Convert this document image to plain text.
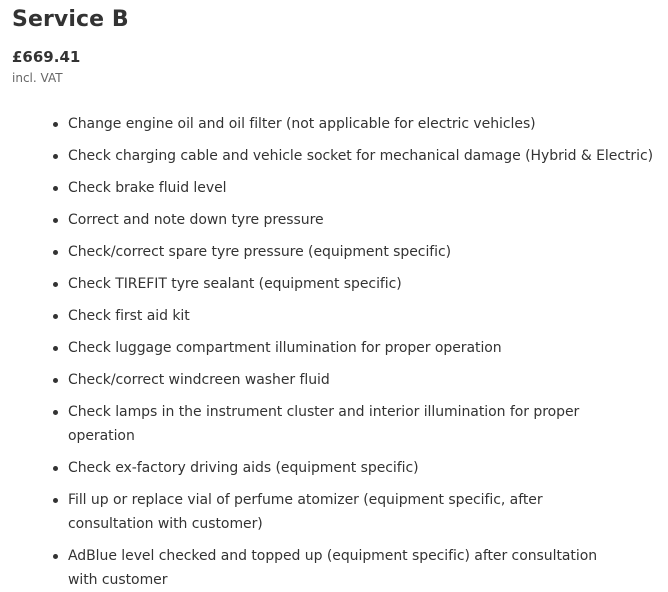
Service B
£669.41
incl. VAT
Change engine oil and oil filter (not applicable for electric vehicles)
Check charging cable and vehicle socket for mechanical damage (Hybrid & Electric)
Check brake fluid level
Correct and note down tyre pressure
Check/correct spare tyre pressure (equipment specific)
Check TIREFIT tyre sealant (equipment specific)
Check first aid kit
Check luggage compartment illumination for proper operation
Check/correct windcreen washer fluid
Check lamps in the instrument cluster and interior illumination for proper operation
Check ex-factory driving aids (equipment specific)
Fill up or replace vial of perfume atomizer (equipment specific, after consultation with customer)
AdBlue level checked and topped up (equipment specific) after consultation with customer
